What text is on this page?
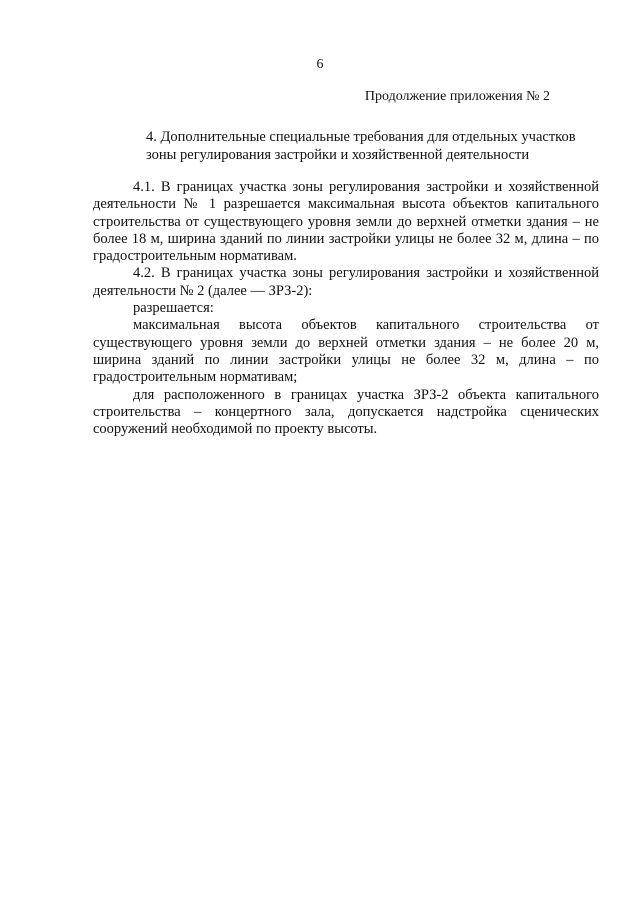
6
Продолжение приложения № 2
4. Дополнительные специальные требования для отдельных участков
зоны регулирования застройки и хозяйственной деятельности

4.1. В границах участка зоны регулирования застройки и хозяйственной деятельности № 1 разрешается максимальная высота объектов капитального строительства от существующего уровня земли до верхней отметки здания – не более 18 м, ширина зданий по линии застройки улицы не более 32 м, длина – по градостроительным нормативам.

4.2. В границах участка зоны регулирования застройки и хозяйственной деятельности № 2 (далее — ЗРЗ-2):

разрешается:

максимальная высота объектов капитального строительства от существующего уровня земли до верхней отметки здания – не более 20 м, ширина зданий по линии застройки улицы не более 32 м, длина – по градостроительным нормативам;

для расположенного в границах участка ЗРЗ-2 объекта капитального строительства – концертного зала, допускается надстройка сценических сооружений необходимой по проекту высоты.
